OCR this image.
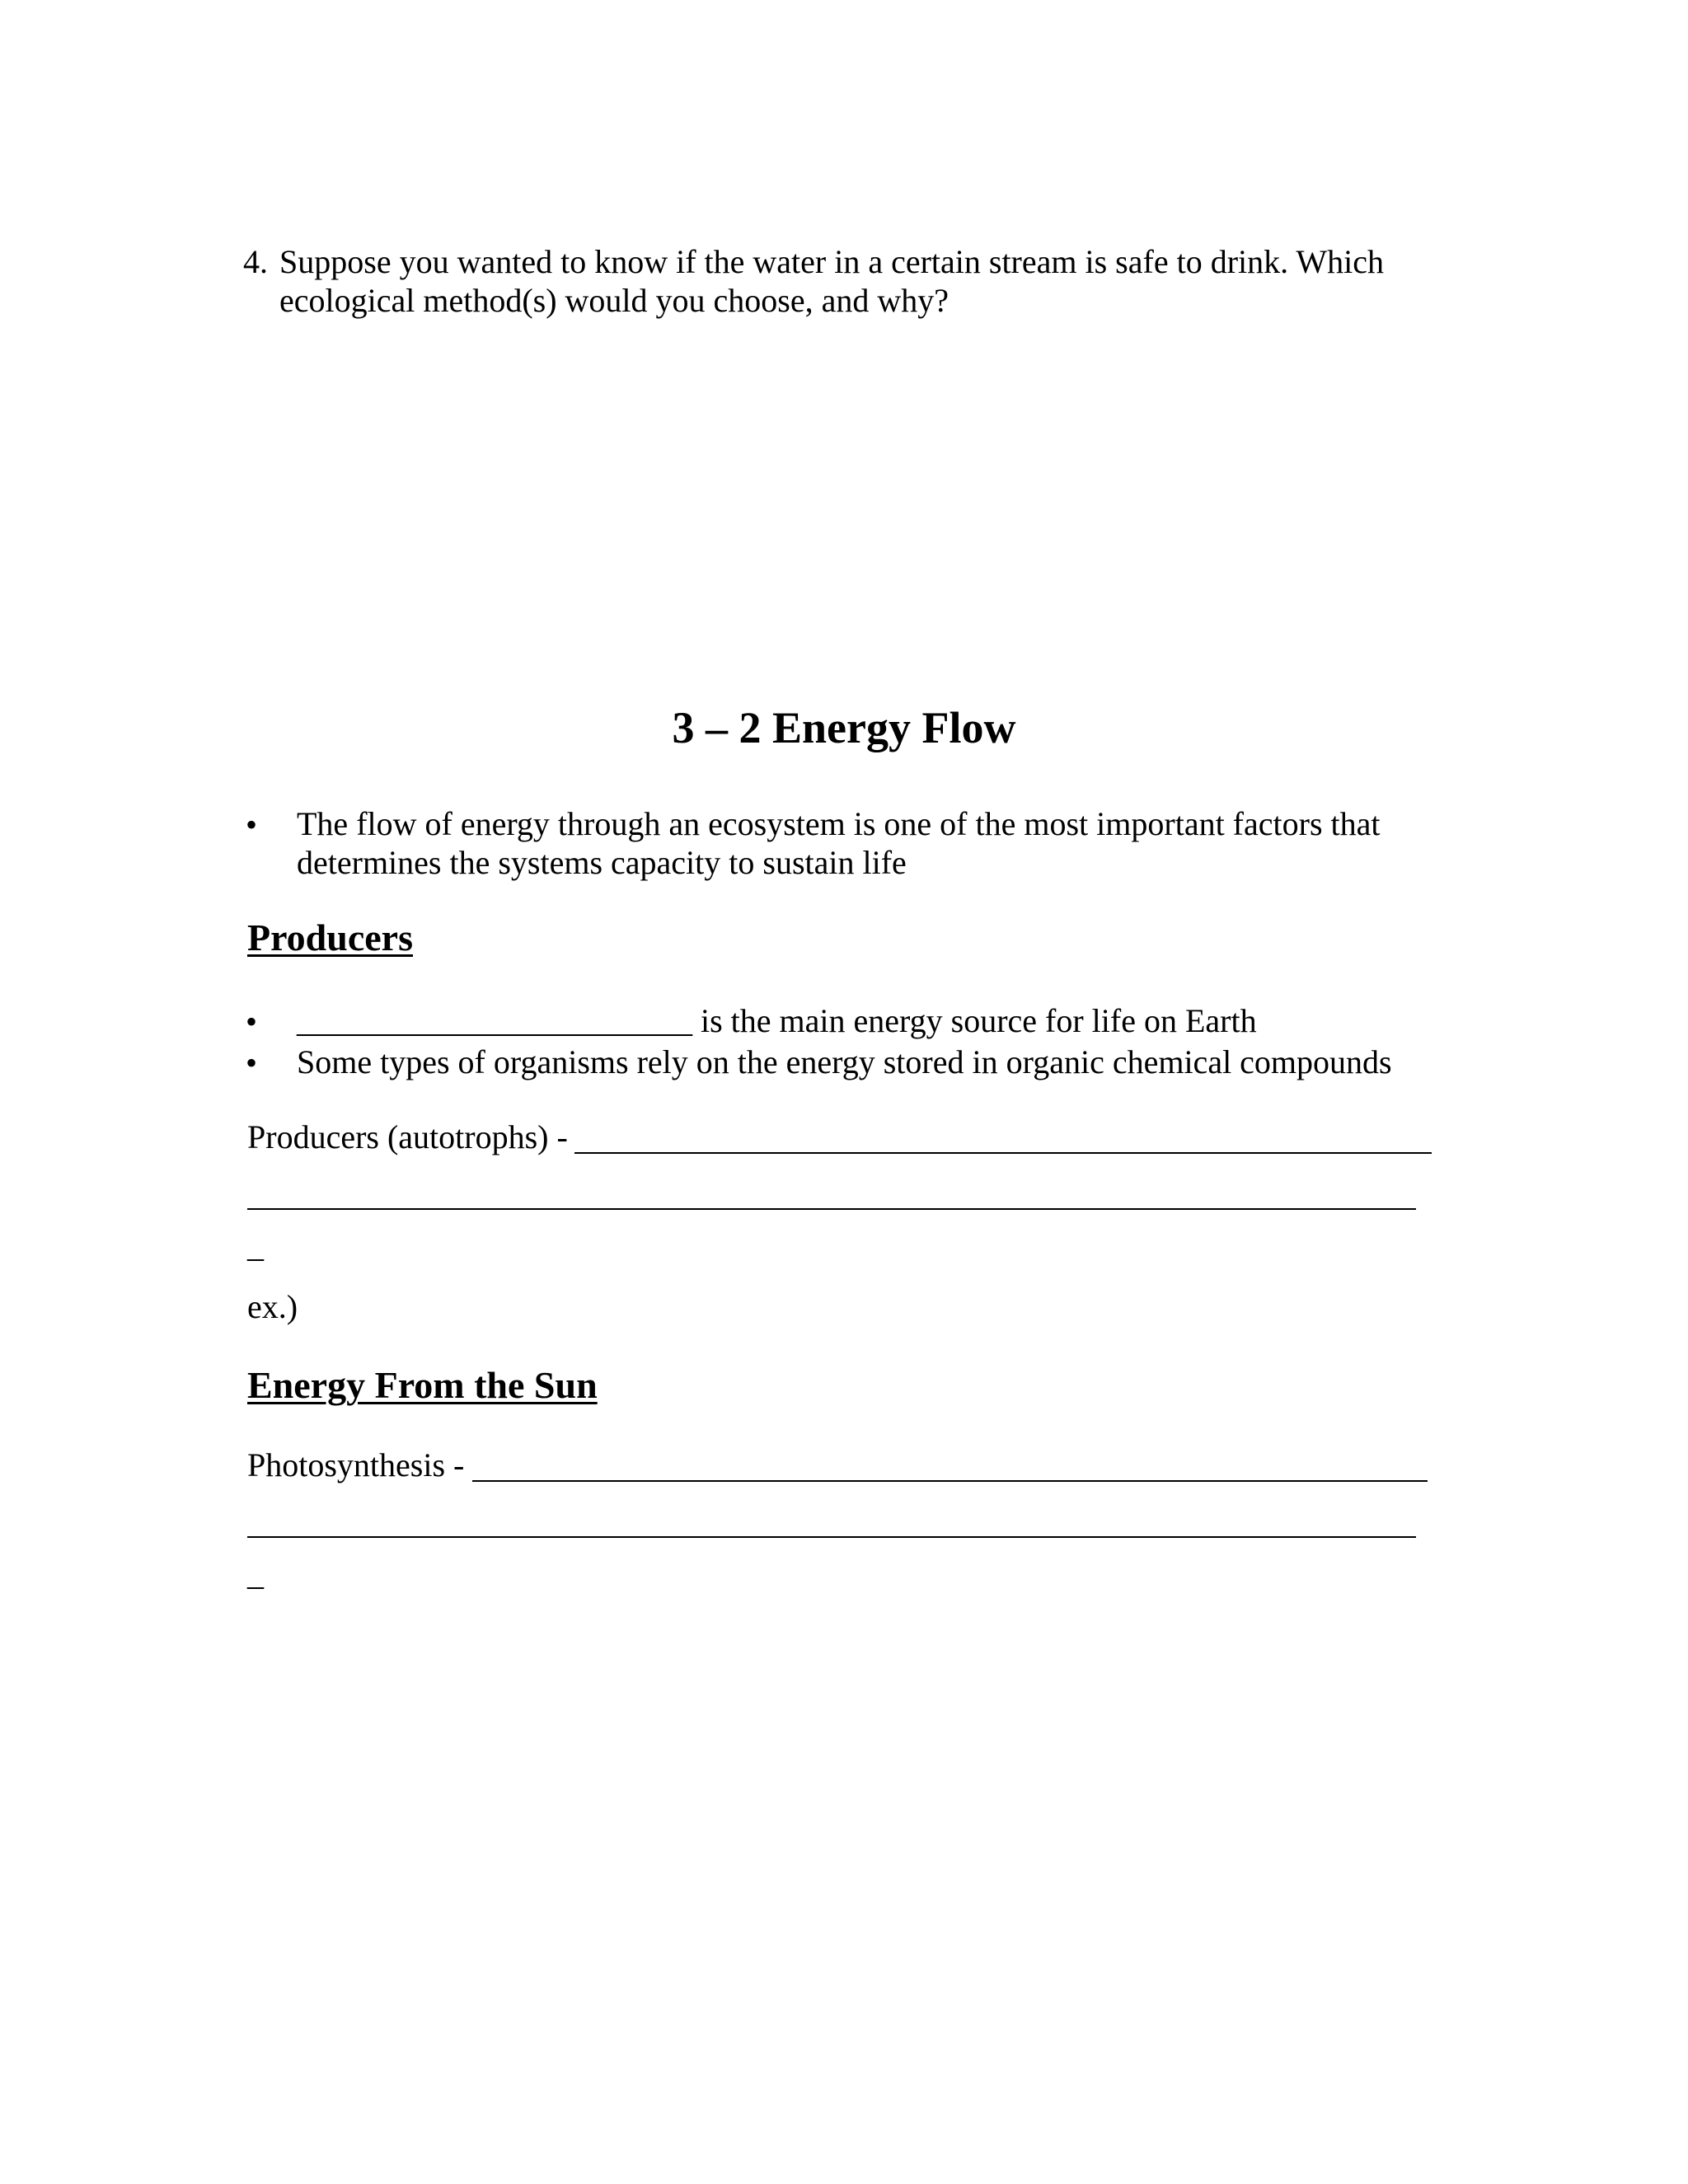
4. Suppose you wanted to know if the water in a certain stream is safe to drink. Which
ecological method(s) would you choose, and why?
3 – 2 Energy Flow
• The flow of energy through an ecosystem is one of the most important factors that
determines the systems capacity to sustain life
Producers
• ________________________ is the main energy source for life on Earth
• Some types of organisms rely on the energy stored in organic chemical compounds
Producers (autotrophs) -
_
ex.)
Energy From the Sun
Photosynthesis -
_
